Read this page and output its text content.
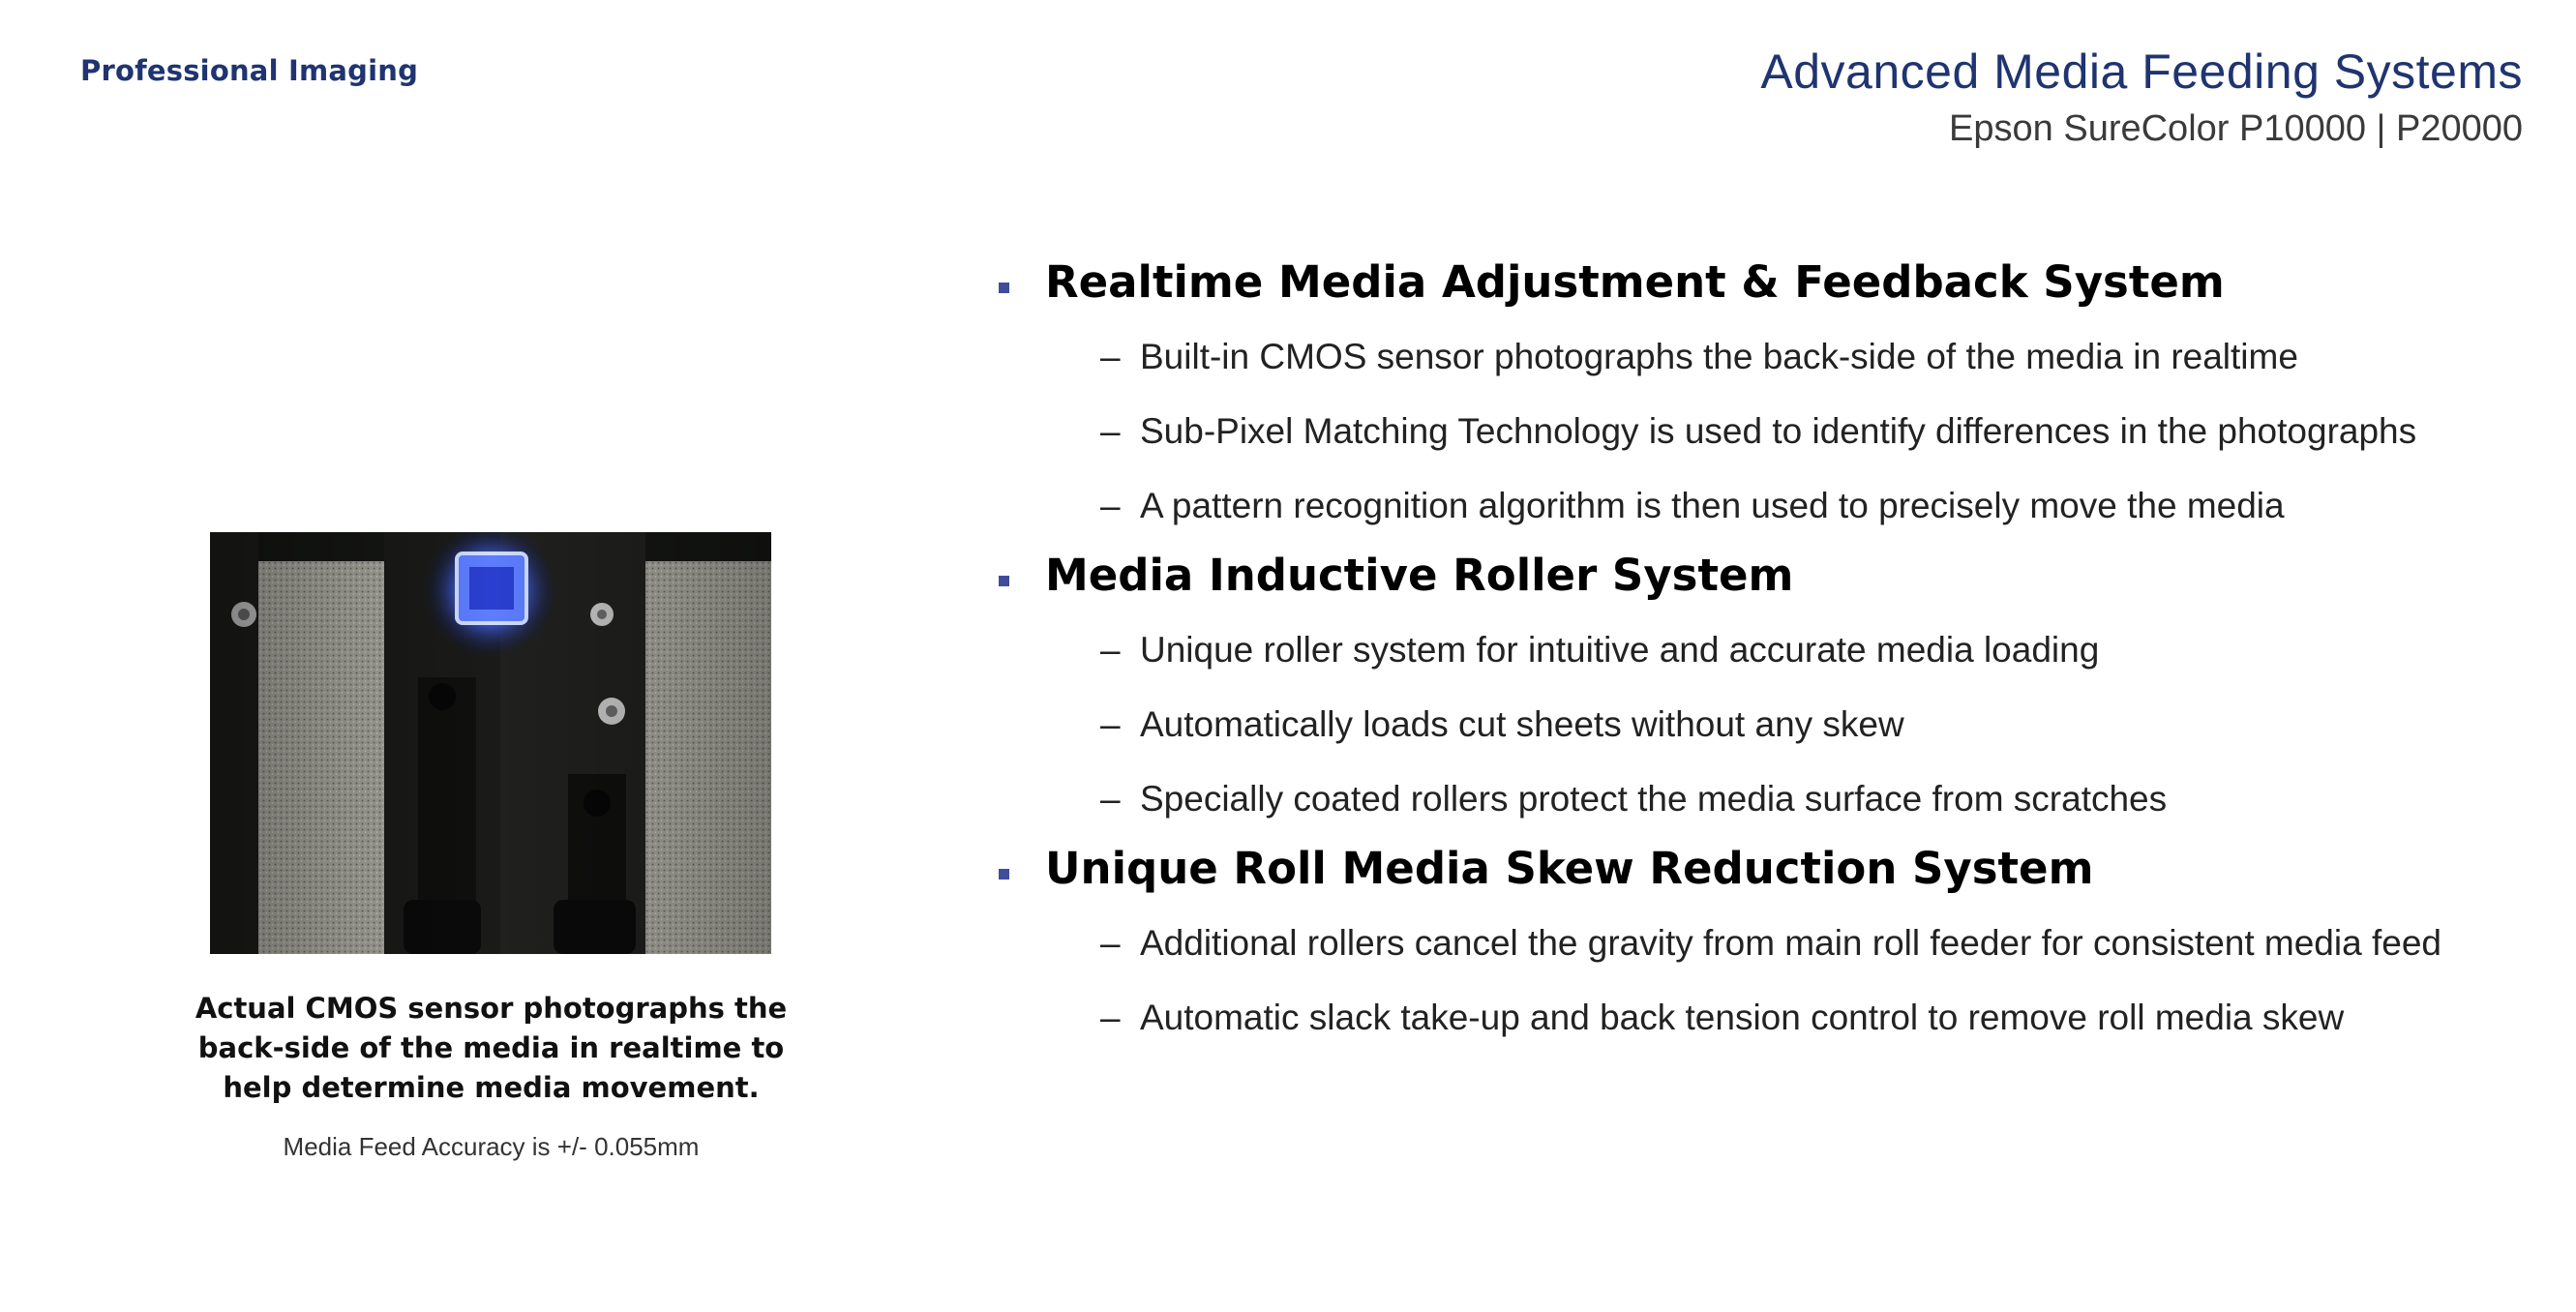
Professional Imaging	Advanced Media Feeding Systems
Epson SureColor P10000 | P20000
Actual CMOS sensor photographs the
back-side of the media in realtime to
help determine media movement.
Media Feed Accuracy is +/- 0.055mm
Realtime Media Adjustment & Feedback System
– Built-in CMOS sensor photographs the back-side of the media in realtime
– Sub-Pixel Matching Technology is used to identify differences in the photographs
– A pattern recognition algorithm is then used to precisely move the media
Media Inductive Roller System
– Unique roller system for intuitive and accurate media loading
– Automatically loads cut sheets without any skew
– Specially coated rollers protect the media surface from scratches
Unique Roll Media Skew Reduction System
– Additional rollers cancel the gravity from main roll feeder for consistent media feed
– Automatic slack take-up and back tension control to remove roll media skew
